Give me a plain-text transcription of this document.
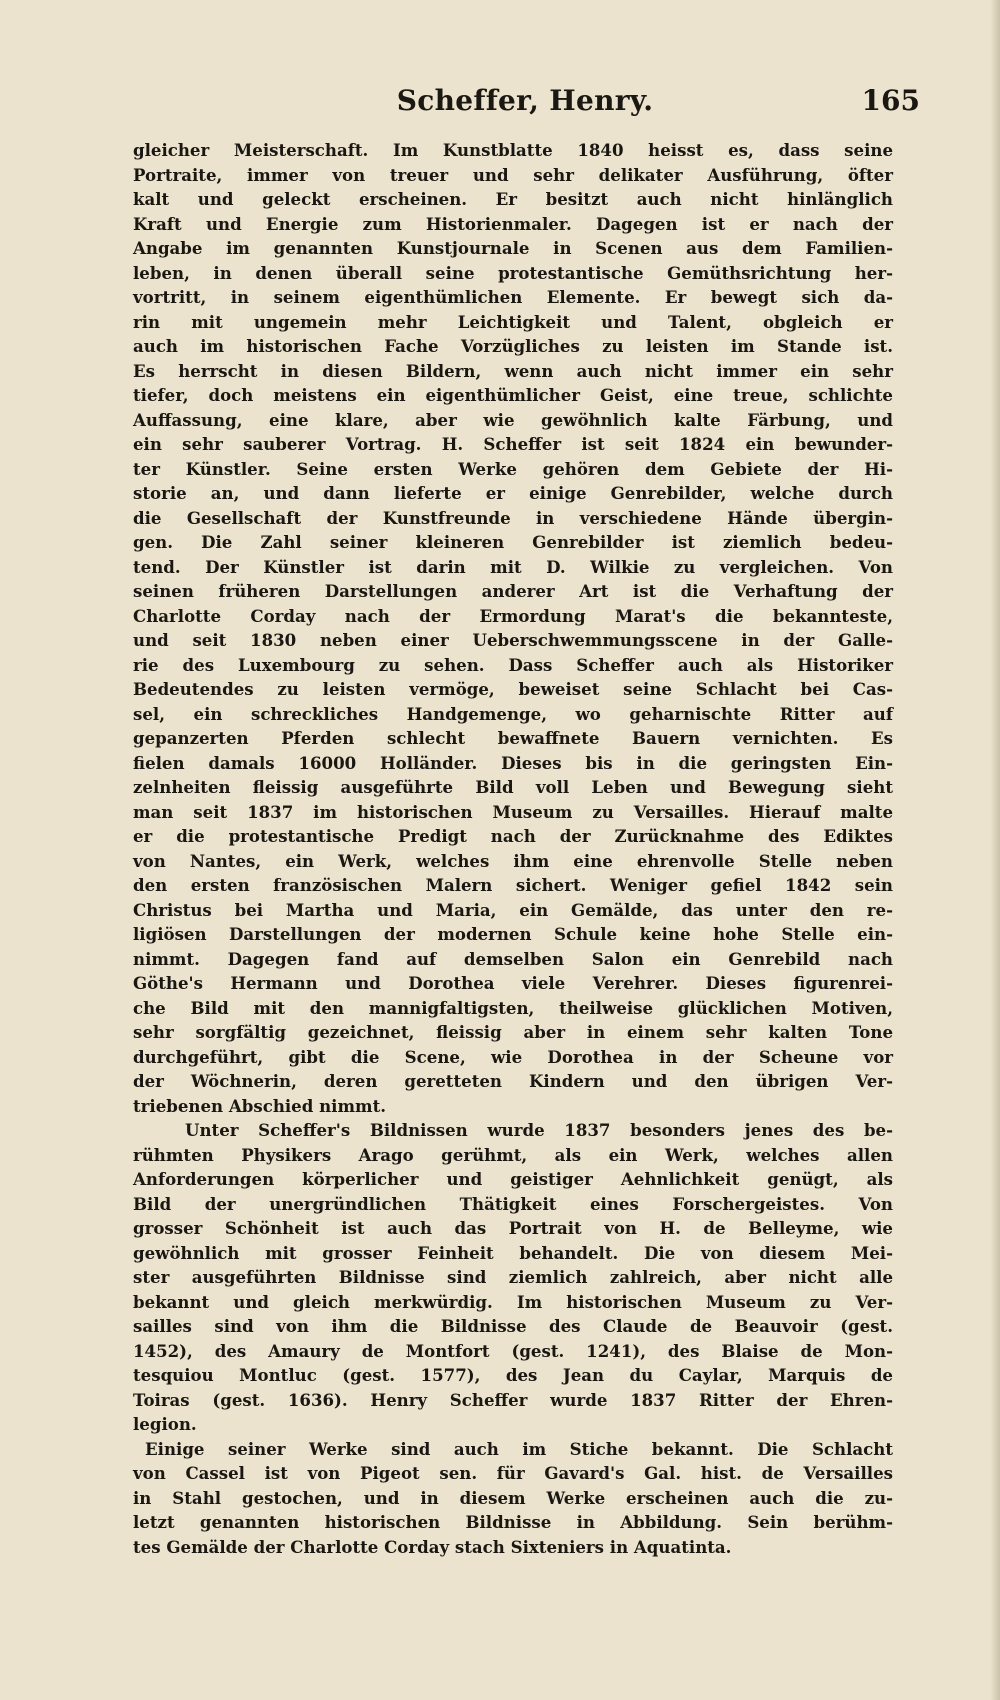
Scheffer, Henry.	165
gleicher Meisterschaft. Im Kunstblatte 1840 heisst es, dass seine
Portraite, immer von treuer und sehr delikater Ausführung, öfter
kalt und geleckt erscheinen. Er besitzt auch nicht hinlänglich
Kraft und Energie zum Historienmaler. Dagegen ist er nach der
Angabe im genannten Kunstjournale in Scenen aus dem Familien-
leben, in denen überall seine protestantische Gemüthsrichtung her-
vortritt, in seinem eigenthümlichen Elemente. Er bewegt sich da-
rin mit ungemein mehr Leichtigkeit und Talent, obgleich er
auch im historischen Fache Vorzügliches zu leisten im Stande ist.
Es herrscht in diesen Bildern, wenn auch nicht immer ein sehr
tiefer, doch meistens ein eigenthümlicher Geist, eine treue, schlichte
Auffassung, eine klare, aber wie gewöhnlich kalte Färbung, und
ein sehr sauberer Vortrag. H. Scheffer ist seit 1824 ein bewunder-
ter Künstler. Seine ersten Werke gehören dem Gebiete der Hi-
storie an, und dann lieferte er einige Genrebilder, welche durch
die Gesellschaft der Kunstfreunde in verschiedene Hände übergin-
gen. Die Zahl seiner kleineren Genrebilder ist ziemlich bedeu-
tend. Der Künstler ist darin mit D. Wilkie zu vergleichen. Von
seinen früheren Darstellungen anderer Art ist die Verhaftung der
Charlotte Corday nach der Ermordung Marat's die bekannteste,
und seit 1830 neben einer Ueberschwemmungsscene in der Galle-
rie des Luxembourg zu sehen. Dass Scheffer auch als Historiker
Bedeutendes zu leisten vermöge, beweiset seine Schlacht bei Cas-
sel, ein schreckliches Handgemenge, wo geharnischte Ritter auf
gepanzerten Pferden schlecht bewaffnete Bauern vernichten. Es
fielen damals 16000 Holländer. Dieses bis in die geringsten Ein-
zelnheiten fleissig ausgeführte Bild voll Leben und Bewegung sieht
man seit 1837 im historischen Museum zu Versailles. Hierauf malte
er die protestantische Predigt nach der Zurücknahme des Ediktes
von Nantes, ein Werk, welches ihm eine ehrenvolle Stelle neben
den ersten französischen Malern sichert. Weniger gefiel 1842 sein
Christus bei Martha und Maria, ein Gemälde, das unter den re-
ligiösen Darstellungen der modernen Schule keine hohe Stelle ein-
nimmt. Dagegen fand auf demselben Salon ein Genrebild nach
Göthe's Hermann und Dorothea viele Verehrer. Dieses figurenrei-
che Bild mit den mannigfaltigsten, theilweise glücklichen Motiven,
sehr sorgfältig gezeichnet, fleissig aber in einem sehr kalten Tone
durchgeführt, gibt die Scene, wie Dorothea in der Scheune vor
der Wöchnerin, deren geretteten Kindern und den übrigen Ver-
triebenen Abschied nimmt.
Unter Scheffer's Bildnissen wurde 1837 besonders jenes des be-
rühmten Physikers Arago gerühmt, als ein Werk, welches allen
Anforderungen körperlicher und geistiger Aehnlichkeit genügt, als
Bild der unergründlichen Thätigkeit eines Forschergeistes. Von
grosser Schönheit ist auch das Portrait von H. de Belleyme, wie
gewöhnlich mit grosser Feinheit behandelt. Die von diesem Mei-
ster ausgeführten Bildnisse sind ziemlich zahlreich, aber nicht alle
bekannt und gleich merkwürdig. Im historischen Museum zu Ver-
sailles sind von ihm die Bildnisse des Claude de Beauvoir (gest.
1452), des Amaury de Montfort (gest. 1241), des Blaise de Mon-
tesquiou Montluc (gest. 1577), des Jean du Caylar, Marquis de
Toiras (gest. 1636). Henry Scheffer wurde 1837 Ritter der Ehren-
legion.
Einige seiner Werke sind auch im Stiche bekannt. Die Schlacht
von Cassel ist von Pigeot sen. für Gavard's Gal. hist. de Versailles
in Stahl gestochen, und in diesem Werke erscheinen auch die zu-
letzt genannten historischen Bildnisse in Abbildung. Sein berühm-
tes Gemälde der Charlotte Corday stach Sixteniers in Aquatinta.
